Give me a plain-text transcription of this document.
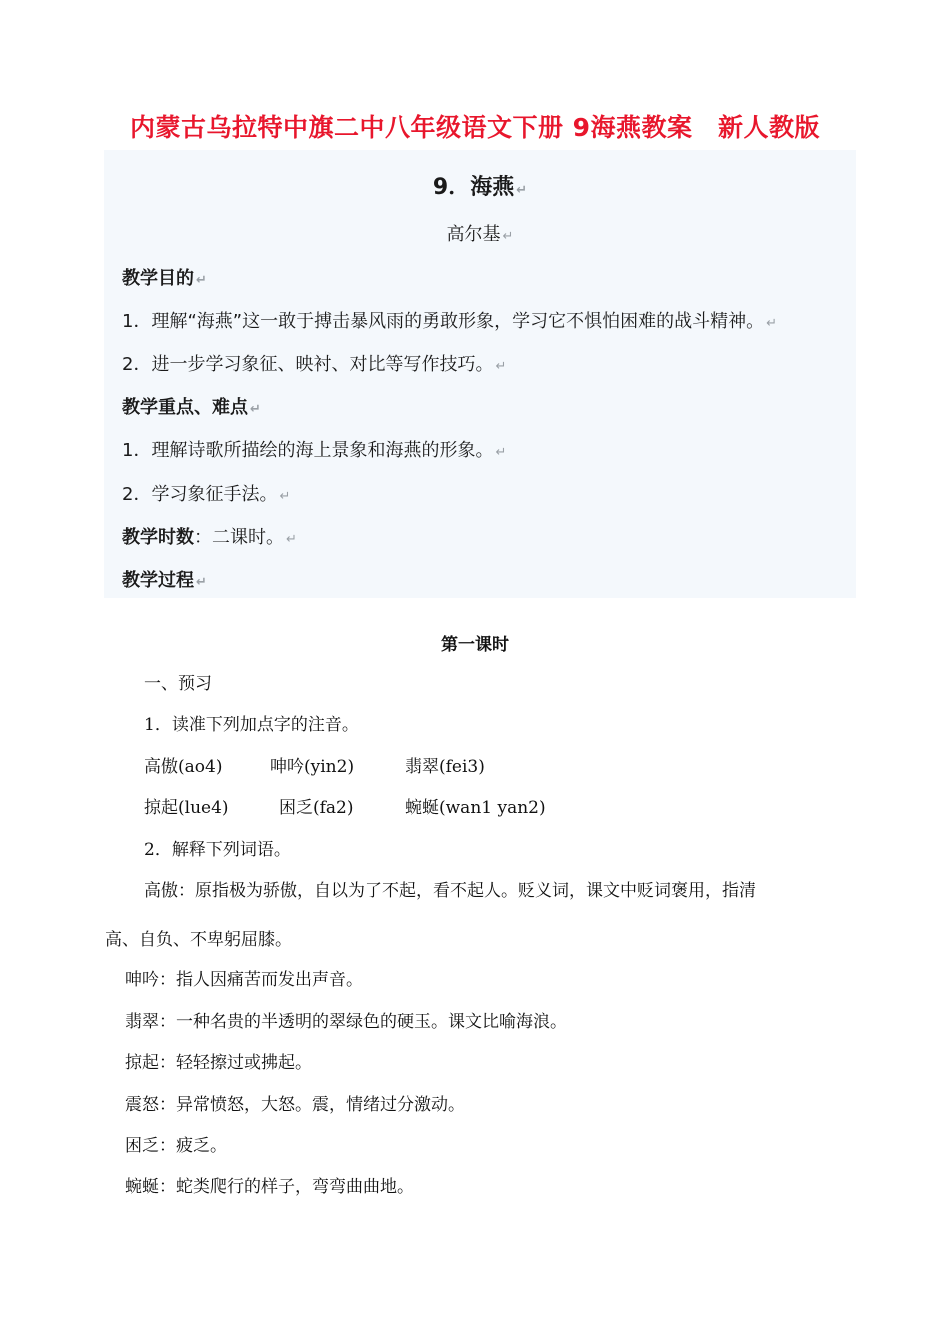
内蒙古乌拉特中旗二中八年级语文下册 9海燕教案　新人教版
9．海燕 ↵
高尔基 ↵
教学目的 ↵
1．理解“海燕”这一敢于搏击暴风雨的勇敢形象，学习它不惧怕困难的战斗精神。 ↵
2．进一步学习象征、映衬、对比等写作技巧。 ↵
教学重点、难点 ↵
1．理解诗歌所描绘的海上景象和海燕的形象。 ↵
2．学习象征手法。 ↵
教学时数：二课时。 ↵
教学过程 ↵
第一课时
一、预习
1．读准下列加点字的注音。
高傲(ao4)	呻吟(yin2)	翡翠(fei3)
掠起(lue4)	困乏(fa2)	蜿蜒(wan1 yan2)
2．解释下列词语。
高傲：原指极为骄傲，自以为了不起，看不起人。贬义词，课文中贬词褒用，指清
高、自负、不卑躬屈膝。
呻吟：指人因痛苦而发出声音。
翡翠：一种名贵的半透明的翠绿色的硬玉。课文比喻海浪。
掠起：轻轻擦过或拂起。
震怒：异常愤怒，大怒。震，情绪过分激动。
困乏：疲乏。
蜿蜒：蛇类爬行的样子，弯弯曲曲地。
